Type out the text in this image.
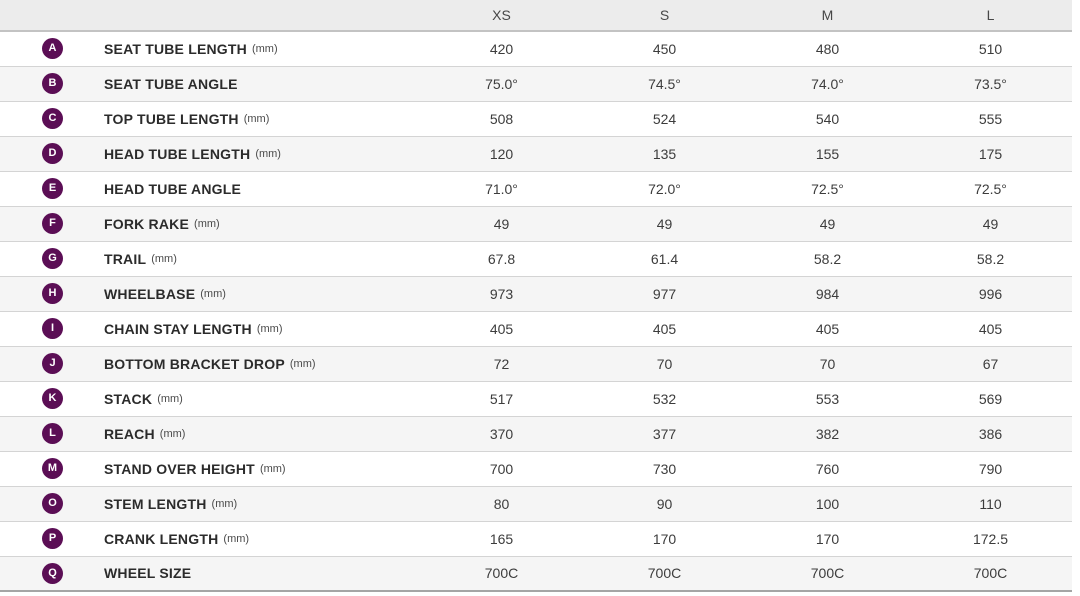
	XS	S	M	L

A SEAT TUBE LENGTH (mm)	420	450	480	510

B SEAT TUBE ANGLE	75.0°	74.5°	74.0°	73.5°

C TOP TUBE LENGTH (mm)	508	524	540	555

D HEAD TUBE LENGTH (mm)	120	135	155	175

E HEAD TUBE ANGLE	71.0°	72.0°	72.5°	72.5°

F FORK RAKE (mm)	49	49	49	49

G TRAIL (mm)	67.8	61.4	58.2	58.2

H WHEELBASE (mm)	973	977	984	996

I CHAIN STAY LENGTH (mm)	405	405	405	405

J BOTTOM BRACKET DROP (mm)	72	70	70	67

K STACK (mm)	517	532	553	569

L REACH (mm)	370	377	382	386

M STAND OVER HEIGHT (mm)	700	730	760	790

O STEM LENGTH (mm)	80	90	100	110

P CRANK LENGTH (mm)	165	170	170	172.5

Q WHEEL SIZE	700C	700C	700C	700C
